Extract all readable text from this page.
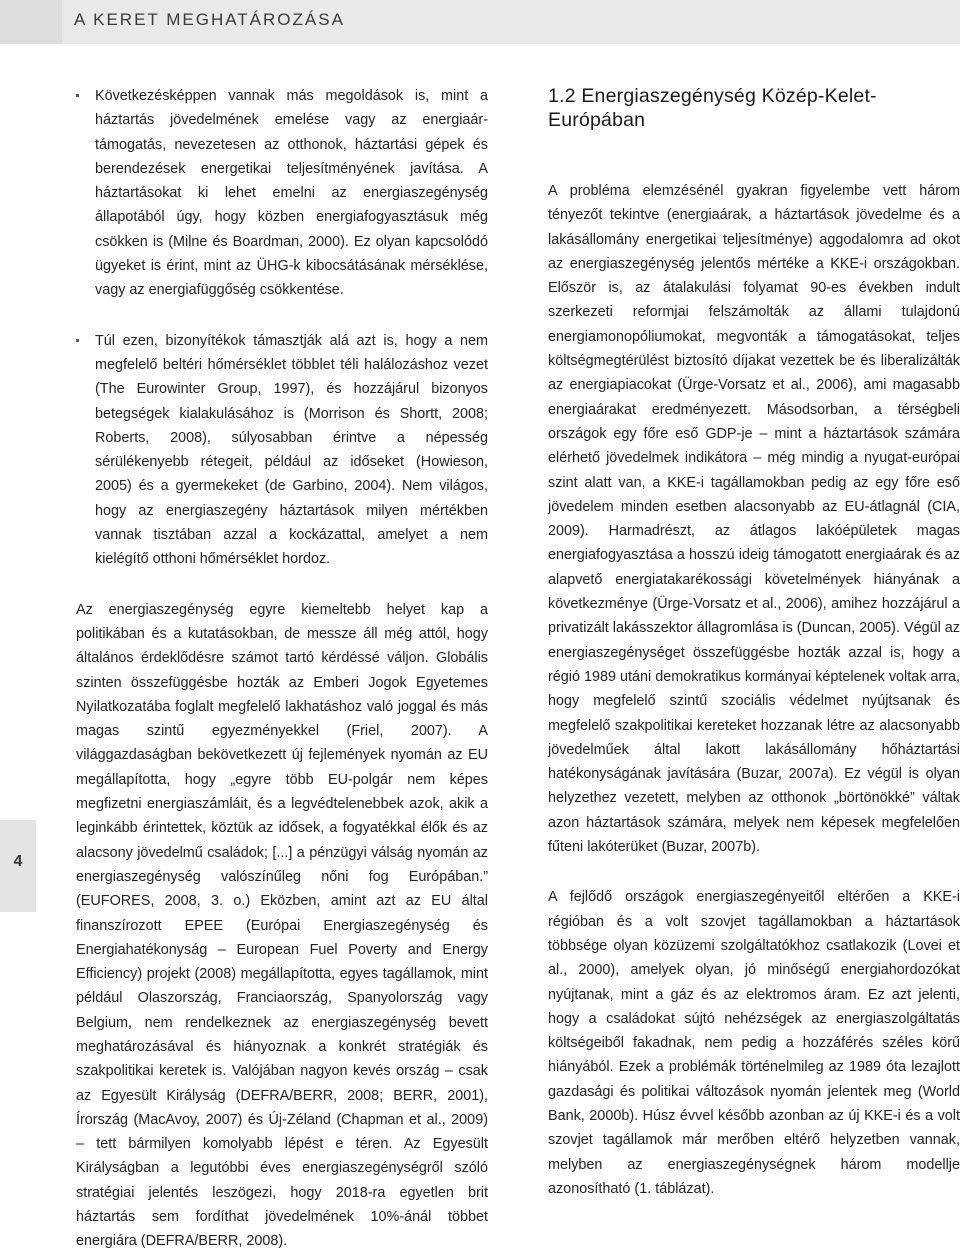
A KERET MEGHATÁROZÁSA
4

Következésképpen vannak más megoldások is, mint a háztartás jövedelmének emelése vagy az energiaár-támogatás, nevezetesen az otthonok, háztartási gépek és berendezések energetikai teljesítményének javítása. A háztartásokat ki lehet emelni az energiaszegénység állapotából úgy, hogy közben energiafogyasztásuk még csökken is (Milne és Boardman, 2000). Ez olyan kapcsolódó ügyeket is érint, mint az ÜHG-k kibocsátásának mérséklése, vagy az energiafüggőség csökkentése.

Túl ezen, bizonyítékok támasztják alá azt is, hogy a nem megfelelő beltéri hőmérséklet többlet téli halálozáshoz vezet (The Eurowinter Group, 1997), és hozzájárul bizonyos betegségek kialakulásához is (Morrison és Shortt, 2008; Roberts, 2008), súlyosabban érintve a népesség sérülékenyebb rétegeit, például az időseket (Howieson, 2005) és a gyermekeket (de Garbino, 2004). Nem világos, hogy az energiaszegény háztartások milyen mértékben vannak tisztában azzal a kockázattal, amelyet a nem kielégítő otthoni hőmérséklet hordoz.

Az energiaszegénység egyre kiemeltebb helyet kap a politikában és a kutatásokban, de messze áll még attól, hogy általános érdeklődésre számot tartó kérdéssé váljon. Globális szinten összefüggésbe hozták az Emberi Jogok Egyetemes Nyilatkozatába foglalt megfelelő lakhatáshoz való joggal és más magas szintű egyezményekkel (Friel, 2007). A világgazdaságban bekövetkezett új fejlemények nyomán az EU megállapította, hogy „egyre több EU-polgár nem képes megfizetni energiaszámláit, és a legvédtelenebbek azok, akik a leginkább érintettek, köztük az idősek, a fogyatékkal élők és az alacsony jövedelmű családok; [...] a pénzügyi válság nyomán az energiaszegénység valószínűleg nőni fog Európában.” (EUFORES, 2008, 3. o.) Eközben, amint azt az EU által finanszírozott EPEE (Európai Energiaszegénység és Energiahatékonyság – European Fuel Poverty and Energy Efficiency) projekt (2008) megállapította, egyes tagállamok, mint például Olaszország, Franciaország, Spanyolország vagy Belgium, nem rendelkeznek az energiaszegénység bevett meghatározásával és hiányoznak a konkrét stratégiák és szakpolitikai keretek is. Valójában nagyon kevés ország – csak az Egyesült Királyság (DEFRA/BERR, 2008; BERR, 2001), Írország (MacAvoy, 2007) és Új-Zéland (Chapman et al., 2009) – tett bármilyen komolyabb lépést e téren. Az Egyesült Királyságban a legutóbbi éves energiaszegénységről szóló stratégiai jelentés leszögezi, hogy 2018-ra egyetlen brit háztartás sem fordíthat jövedelmének 10%-ánál többet energiára (DEFRA/BERR, 2008).

1.2 Energiaszegénység Közép-Kelet-Európában

A probléma elemzésénél gyakran figyelembe vett három tényezőt tekintve (energiaárak, a háztartások jövedelme és a lakásállomány energetikai teljesítménye) aggodalomra ad okot az energiaszegénység jelentős mértéke a KKE-i országokban. Először is, az átalakulási folyamat 90-es években indult szerkezeti reformjai felszámolták az állami tulajdonú energiamonopóliumokat, megvonták a támogatásokat, teljes költségmegtérülést biztosító díjakat vezettek be és liberalizálták az energiapiacokat (Ürge-Vorsatz et al., 2006), ami magasabb energiaárakat eredményezett. Másodsorban, a térségbeli országok egy főre eső GDP-je – mint a háztartások számára elérhető jövedelmek indikátora – még mindig a nyugat-európai szint alatt van, a KKE-i tagállamokban pedig az egy főre eső jövedelem minden esetben alacsonyabb az EU-átlagnál (CIA, 2009). Harmadrészt, az átlagos lakóépületek magas energiafogyasztása a hosszú ideig támogatott energiaárak és az alapvető energiatakarékossági követelmények hiányának a következménye (Ürge-Vorsatz et al., 2006), amihez hozzájárul a privatizált lakásszektor állagromlása is (Duncan, 2005). Végül az energiaszegénységet összefüggésbe hozták azzal is, hogy a régió 1989 utáni demokratikus kormányai képtelenek voltak arra, hogy megfelelő szintű szociális védelmet nyújtsanak és megfelelő szakpolitikai kereteket hozzanak létre az alacsonyabb jövedelműek által lakott lakásállomány hőháztartási hatékonyságának javítására (Buzar, 2007a). Ez végül is olyan helyzethez vezetett, melyben az otthonok „börtönökké” váltak azon háztartások számára, melyek nem képesek megfelelően fűteni lakóterüket (Buzar, 2007b).

A fejlődő országok energiaszegényeitől eltérően a KKE-i régióban és a volt szovjet tagállamokban a háztartások többsége olyan közüzemi szolgáltatókhoz csatlakozik (Lovei et al., 2000), amelyek olyan, jó minőségű energiahordozókat nyújtanak, mint a gáz és az elektromos áram. Ez azt jelenti, hogy a családokat sújtó nehézségek az energiaszolgáltatás költségeiből fakadnak, nem pedig a hozzáférés széles körű hiányából. Ezek a problémák történelmileg az 1989 óta lezajlott gazdasági és politikai változások nyomán jelentek meg (World Bank, 2000b). Húsz évvel később azonban az új KKE-i és a volt szovjet tagállamok már merőben eltérő helyzetben vannak, melyben az energiaszegénységnek három modellje azonosítható (1. táblázat).
